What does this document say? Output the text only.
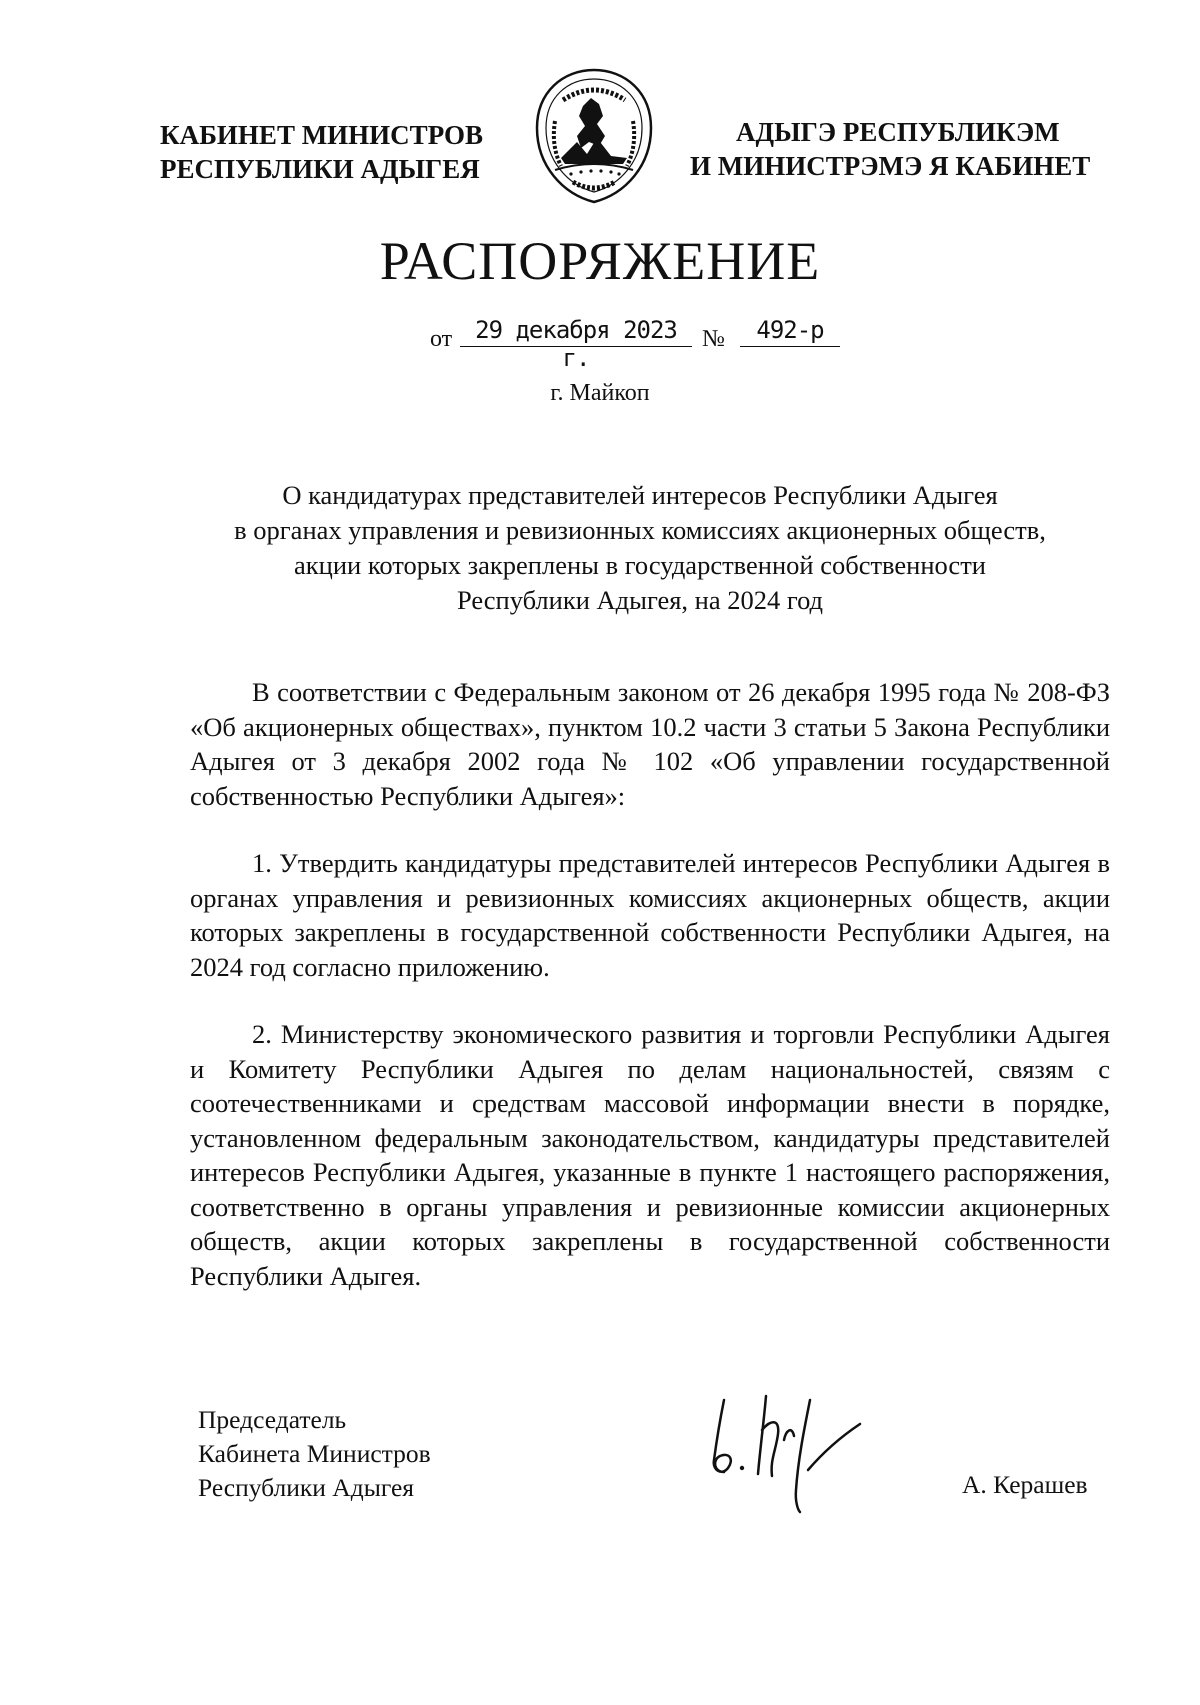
КАБИНЕТ МИНИСТРОВ
РЕСПУБЛИКИ АДЫГЕЯ
АДЫГЭ РЕСПУБЛИКЭМ
И МИНИСТРЭМЭ Я КАБИНЕТ
РАСПОРЯЖЕНИЕ
от 29 декабря 2023 г.
№	492-р
г. Майкоп
О кандидатурах представителей интересов Республики Адыгея
в органах управления и ревизионных комиссиях акционерных обществ,
акции которых закреплены в государственной собственности
Республики Адыгея, на 2024 год

В соответствии с Федеральным законом от 26 декабря 1995 года № 208-ФЗ «Об акционерных обществах», пунктом 10.2 части 3 статьи 5 Закона Республики Адыгея от 3 декабря 2002 года № 102 «Об управлении государственной собственностью Республики Адыгея»:

1. Утвердить кандидатуры представителей интересов Республики Адыгея в органах управления и ревизионных комиссиях акционерных обществ, акции которых закреплены в государственной собственности Республики Адыгея, на 2024 год согласно приложению.

2. Министерству экономического развития и торговли Республики Адыгея и Комитету Республики Адыгея по делам национальностей, связям с соотечественниками и средствам массовой информации внести в порядке, установленном федеральным законодательством, кандидатуры представителей интересов Республики Адыгея, указанные в пункте 1 настоящего распоряжения, соответственно в органы управления и ревизионные комиссии акционерных обществ, акции которых закреплены в государственной собственности Республики Адыгея.

Председатель
Кабинета Министров
Республики Адыгея	А. Керашев
